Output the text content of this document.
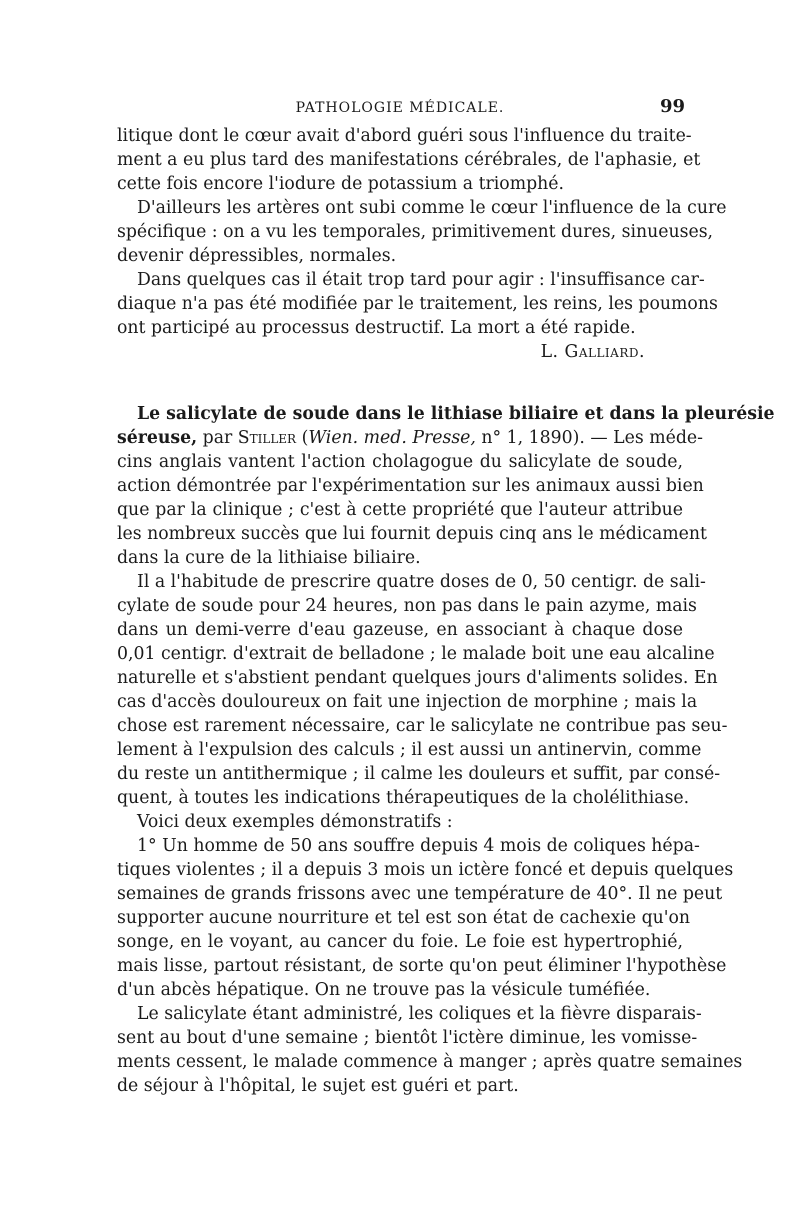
PATHOLOGIE MÉDICALE.	99
litique dont le cœur avait d'abord guéri sous l'influence du traite-
ment a eu plus tard des manifestations cérébrales, de l'aphasie, et
cette fois encore l'iodure de potassium a triomphé.
D'ailleurs les artères ont subi comme le cœur l'influence de la cure
spécifique : on a vu les temporales, primitivement dures, sinueuses,
devenir dépressibles, normales.
Dans quelques cas il était trop tard pour agir : l'insuffisance car-
diaque n'a pas été modifiée par le traitement, les reins, les poumons
ont participé au processus destructif. La mort a été rapide.
L. Galliard.
Le salicylate de soude dans le lithiase biliaire et dans la pleurésie
séreuse, par Stiller (Wien. med. Presse, n° 1, 1890). — Les méde-
cins anglais vantent l'action cholagogue du salicylate de soude,
action démontrée par l'expérimentation sur les animaux aussi bien
que par la clinique ; c'est à cette propriété que l'auteur attribue
les nombreux succès que lui fournit depuis cinq ans le médicament
dans la cure de la lithiaise biliaire.
Il a l'habitude de prescrire quatre doses de 0, 50 centigr. de sali-
cylate de soude pour 24 heures, non pas dans le pain azyme, mais
dans un demi-verre d'eau gazeuse, en associant à chaque dose
0,01 centigr. d'extrait de belladone ; le malade boit une eau alcaline
naturelle et s'abstient pendant quelques jours d'aliments solides. En
cas d'accès douloureux on fait une injection de morphine ; mais la
chose est rarement nécessaire, car le salicylate ne contribue pas seu-
lement à l'expulsion des calculs ; il est aussi un antinervin, comme
du reste un antithermique ; il calme les douleurs et suffit, par consé-
quent, à toutes les indications thérapeutiques de la cholélithiase.
Voici deux exemples démonstratifs :
1° Un homme de 50 ans souffre depuis 4 mois de coliques hépa-
tiques violentes ; il a depuis 3 mois un ictère foncé et depuis quelques
semaines de grands frissons avec une température de 40°. Il ne peut
supporter aucune nourriture et tel est son état de cachexie qu'on
songe, en le voyant, au cancer du foie. Le foie est hypertrophié,
mais lisse, partout résistant, de sorte qu'on peut éliminer l'hypothèse
d'un abcès hépatique. On ne trouve pas la vésicule tuméfiée.
Le salicylate étant administré, les coliques et la fièvre disparais-
sent au bout d'une semaine ; bientôt l'ictère diminue, les vomisse-
ments cessent, le malade commence à manger ; après quatre semaines
de séjour à l'hôpital, le sujet est guéri et part.
